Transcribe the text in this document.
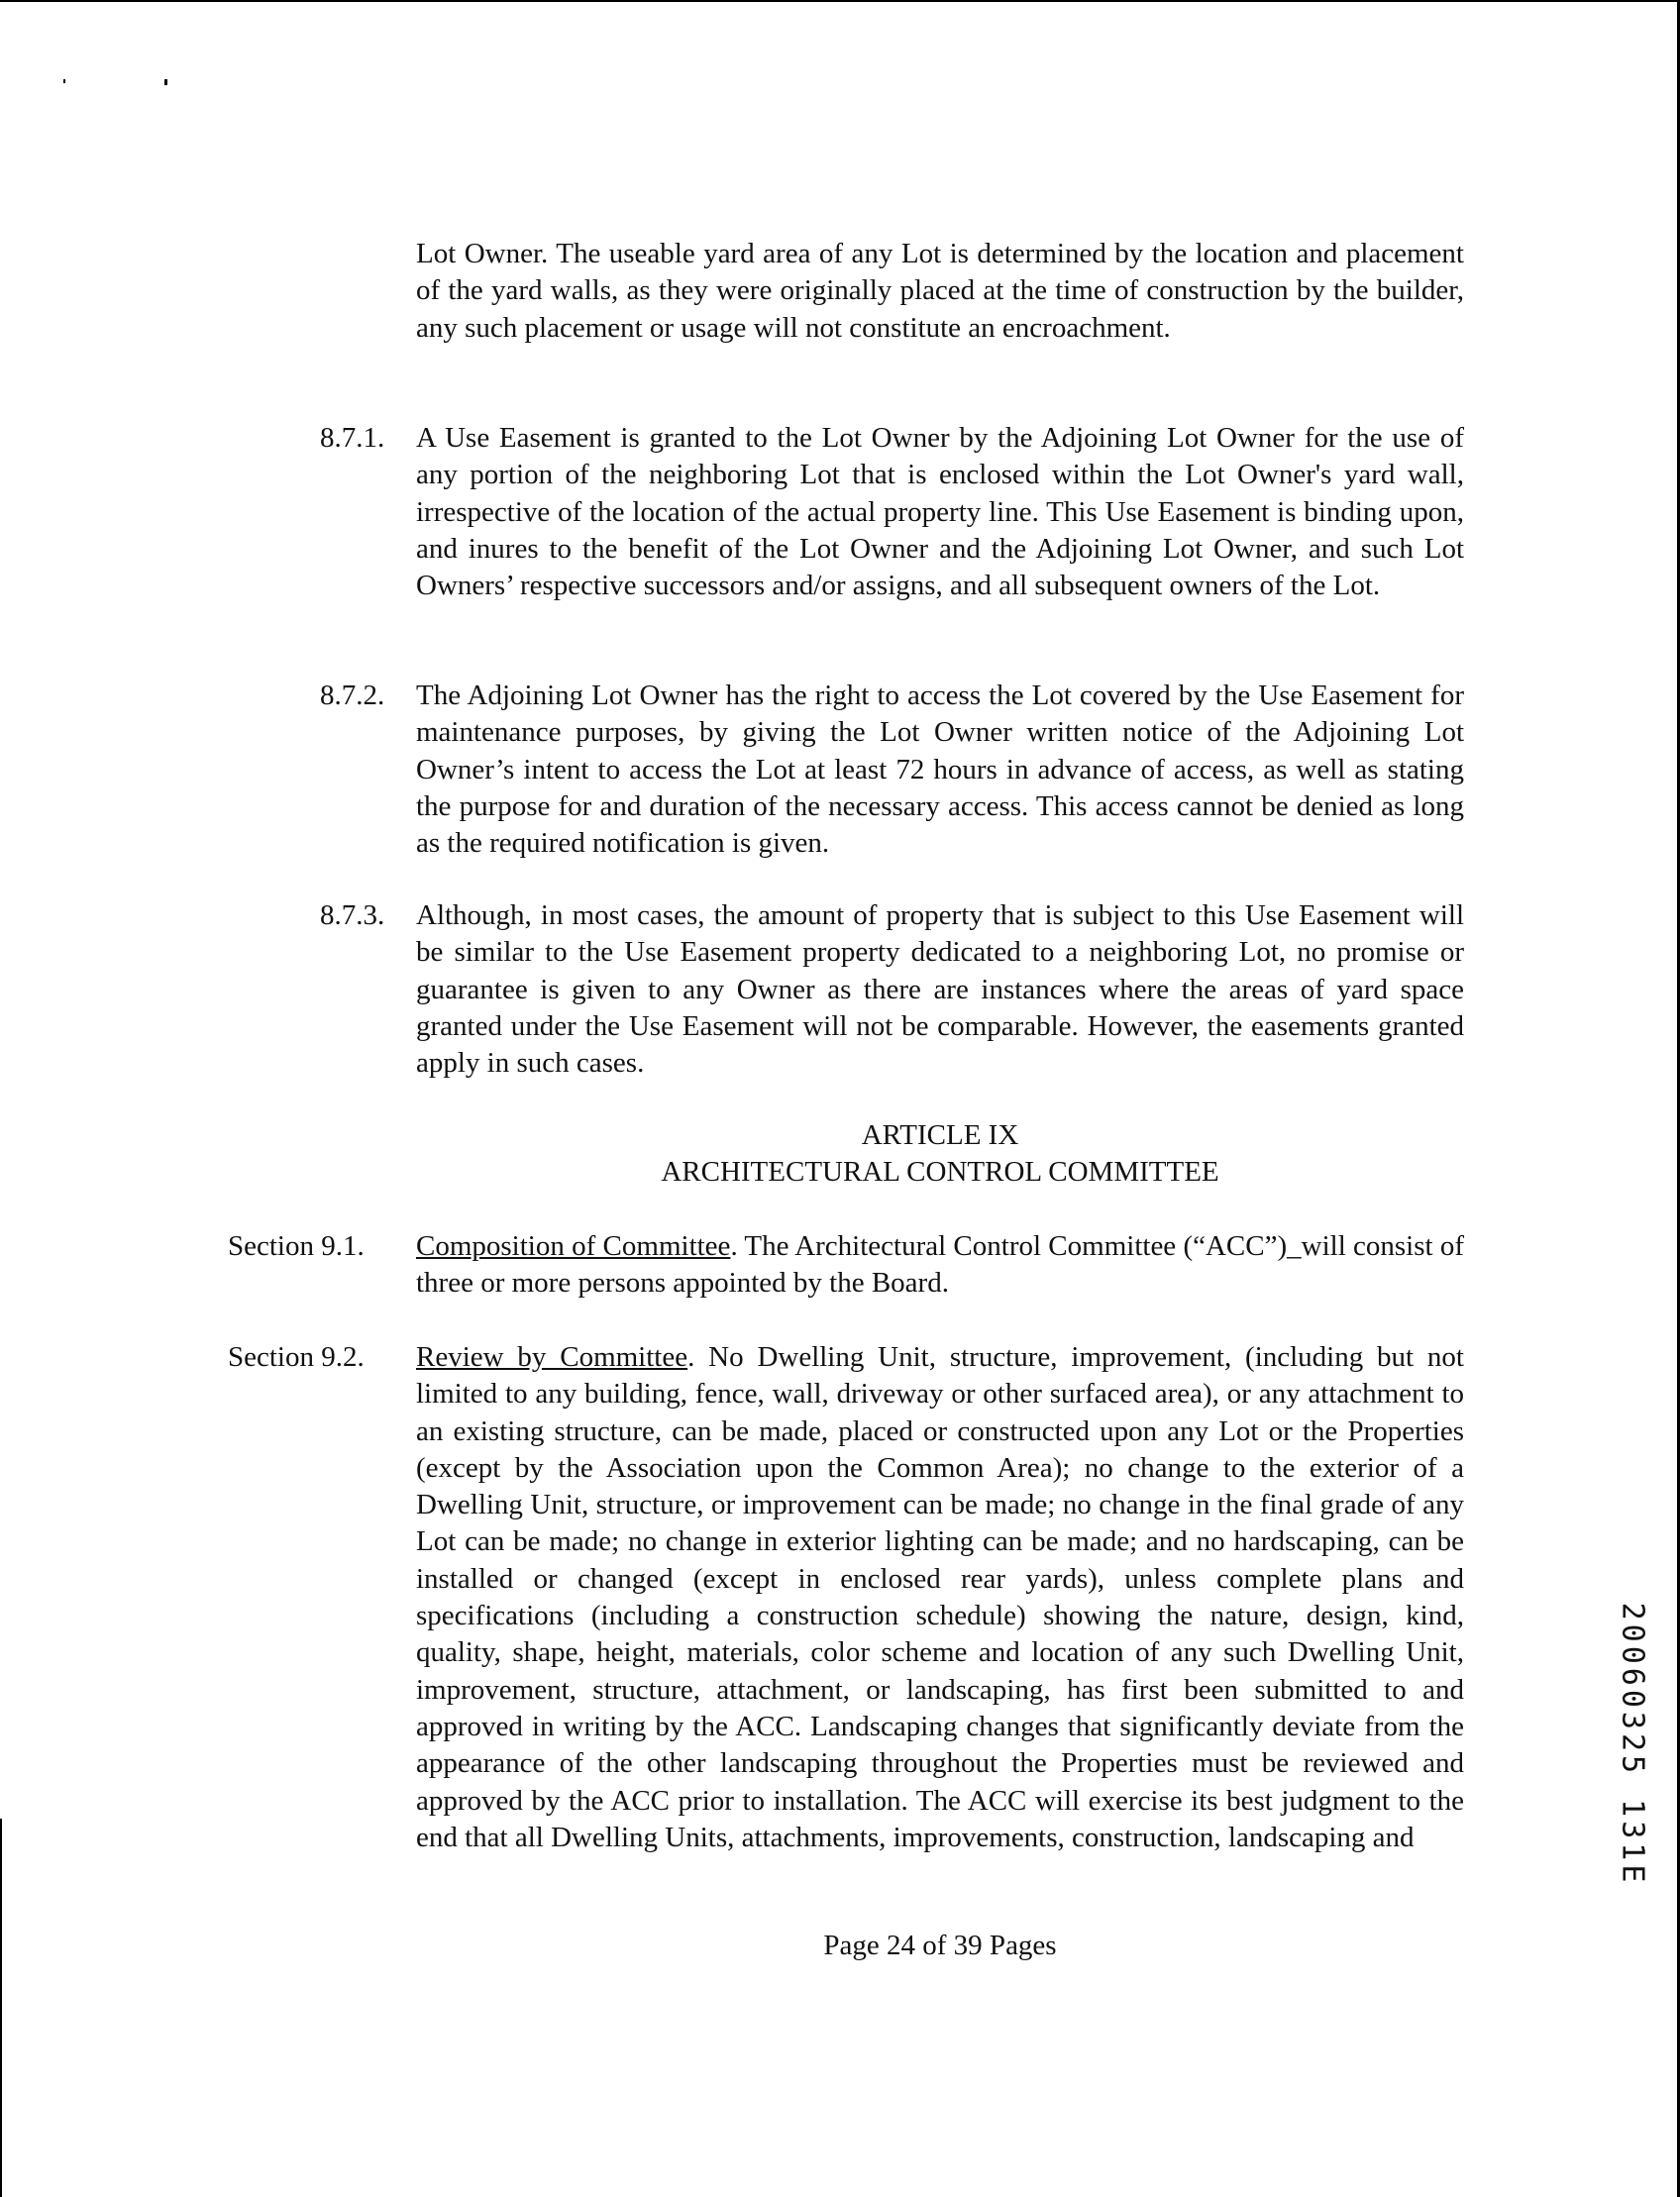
Lot Owner. The useable yard area of any Lot is determined by the location and placement of the yard walls, as they were originally placed at the time of construction by the builder, any such placement or usage will not constitute an encroachment.
8.7.1. A Use Easement is granted to the Lot Owner by the Adjoining Lot Owner for the use of any portion of the neighboring Lot that is enclosed within the Lot Owner's yard wall, irrespective of the location of the actual property line. This Use Easement is binding upon, and inures to the benefit of the Lot Owner and the Adjoining Lot Owner, and such Lot Owners’ respective successors and/or assigns, and all subsequent owners of the Lot.
8.7.2. The Adjoining Lot Owner has the right to access the Lot covered by the Use Easement for maintenance purposes, by giving the Lot Owner written notice of the Adjoining Lot Owner’s intent to access the Lot at least 72 hours in advance of access, as well as stating the purpose for and duration of the necessary access. This access cannot be denied as long as the required notification is given.
8.7.3. Although, in most cases, the amount of property that is subject to this Use Easement will be similar to the Use Easement property dedicated to a neighboring Lot, no promise or guarantee is given to any Owner as there are instances where the areas of yard space granted under the Use Easement will not be comparable. However, the easements granted apply in such cases.
ARTICLE IX
ARCHITECTURAL CONTROL COMMITTEE
Section 9.1. Composition of Committee. The Architectural Control Committee (“ACC”)_will consist of three or more persons appointed by the Board.
Section 9.2. Review by Committee. No Dwelling Unit, structure, improvement, (including but not limited to any building, fence, wall, driveway or other surfaced area), or any attachment to an existing structure, can be made, placed or constructed upon any Lot or the Properties (except by the Association upon the Common Area); no change to the exterior of a Dwelling Unit, structure, or improvement can be made; no change in the final grade of any Lot can be made; no change in exterior lighting can be made; and no hardscaping, can be installed or changed (except in enclosed rear yards), unless complete plans and specifications (including a construction schedule) showing the nature, design, kind, quality, shape, height, materials, color scheme and location of any such Dwelling Unit, improvement, structure, attachment, or landscaping, has first been submitted to and approved in writing by the ACC. Landscaping changes that significantly deviate from the appearance of the other landscaping throughout the Properties must be reviewed and approved by the ACC prior to installation. The ACC will exercise its best judgment to the end that all Dwelling Units, attachments, improvements, construction, landscaping and
Page 24 of 39 Pages
20060325 131E
